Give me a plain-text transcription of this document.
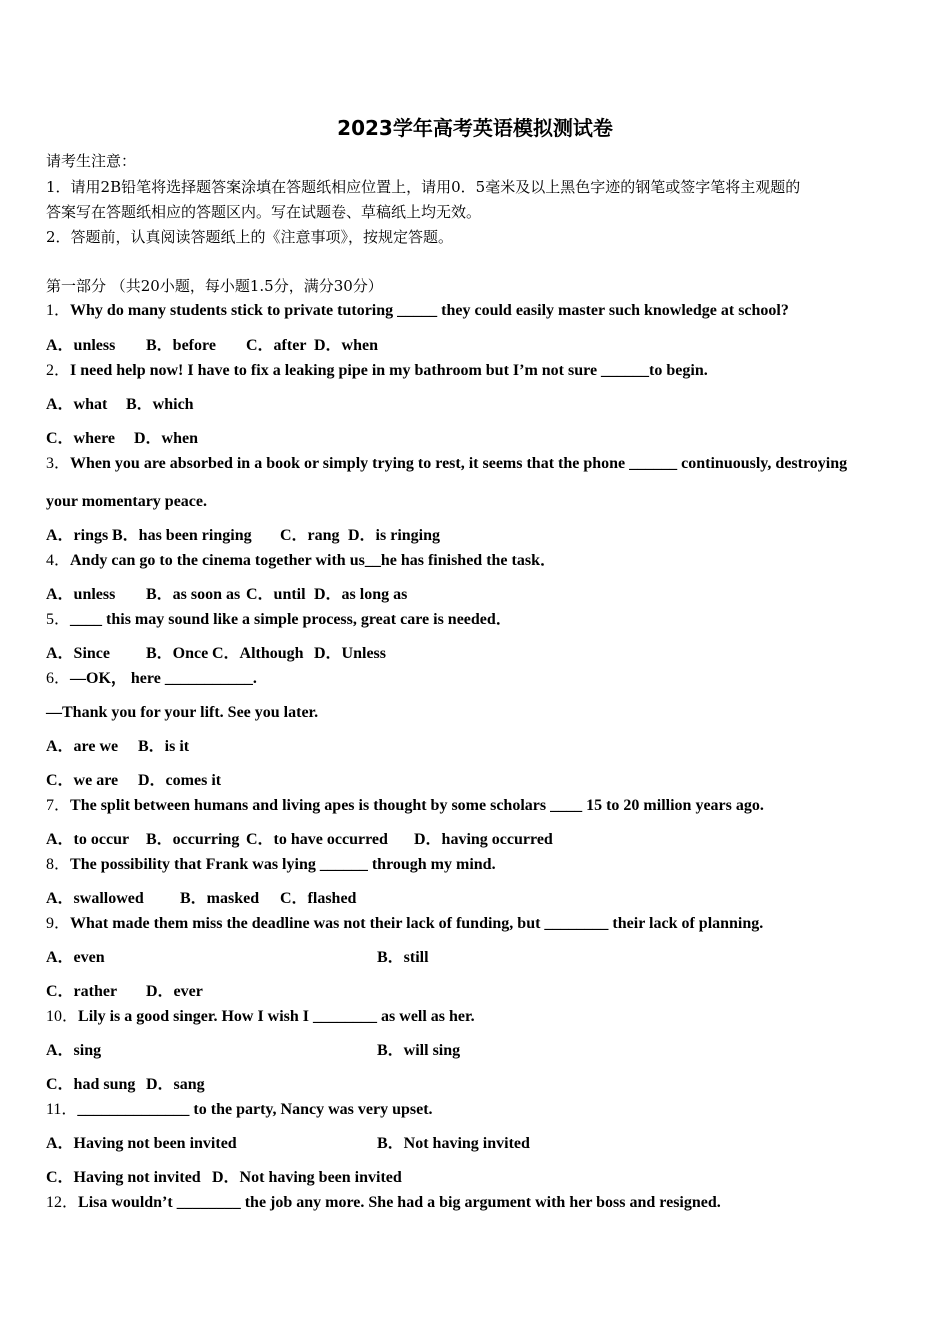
2023学年高考英语模拟测试卷
请考生注意：
1．请用2B铅笔将选择题答案涂填在答题纸相应位置上，请用0．5毫米及以上黑色字迹的钢笔或签字笔将主观题的
答案写在答题纸相应的答题区内。写在试题卷、草稿纸上均无效。
2．答题前，认真阅读答题纸上的《注意事项》，按规定答题。
第一部分 （共20小题，每小题1.5分，满分30分）
1．Why do many students stick to private tutoring _____ they could easily master such knowledge at school?
A．unless B．before C．after D．when
2．I need help now! I have to fix a leaking pipe in my bathroom but I’m not sure ______to begin.
A．what B．which
C．where D．when
3．When you are absorbed in a book or simply trying to rest, it seems that the phone ______ continuously, destroying
your momentary peace.
A．rings B．has been ringing C．rang D．is ringing
4．Andy can go to the cinema together with us__he has finished the task．
A．unless B．as soon as C．until D．as long as
5．____ this may sound like a simple process, great care is needed．
A．Since B．Once C．Although D．Unless
6．—OK， here ___________.
—Thank you for your lift. See you later.
A．are we B．is it
C．we are D．comes it
7．The split between humans and living apes is thought by some scholars ____ 15 to 20 million years ago.
A．to occur B．occurring C．to have occurred D．having occurred
8．The possibility that Frank was lying ______ through my mind.
A．swallowed B．masked C．flashed
9．What made them miss the deadline was not their lack of funding, but ________ their lack of planning.
A．even	B．still
C．rather D．ever
10．Lily is a good singer. How I wish I ________ as well as her.
A．sing	B．will sing
C．had sung D．sang
11．______________ to the party, Nancy was very upset.
A．Having not been invited	B．Not having invited
C．Having not invited D．Not having been invited
12．Lisa wouldn’t ________ the job any more. She had a big argument with her boss and resigned.
